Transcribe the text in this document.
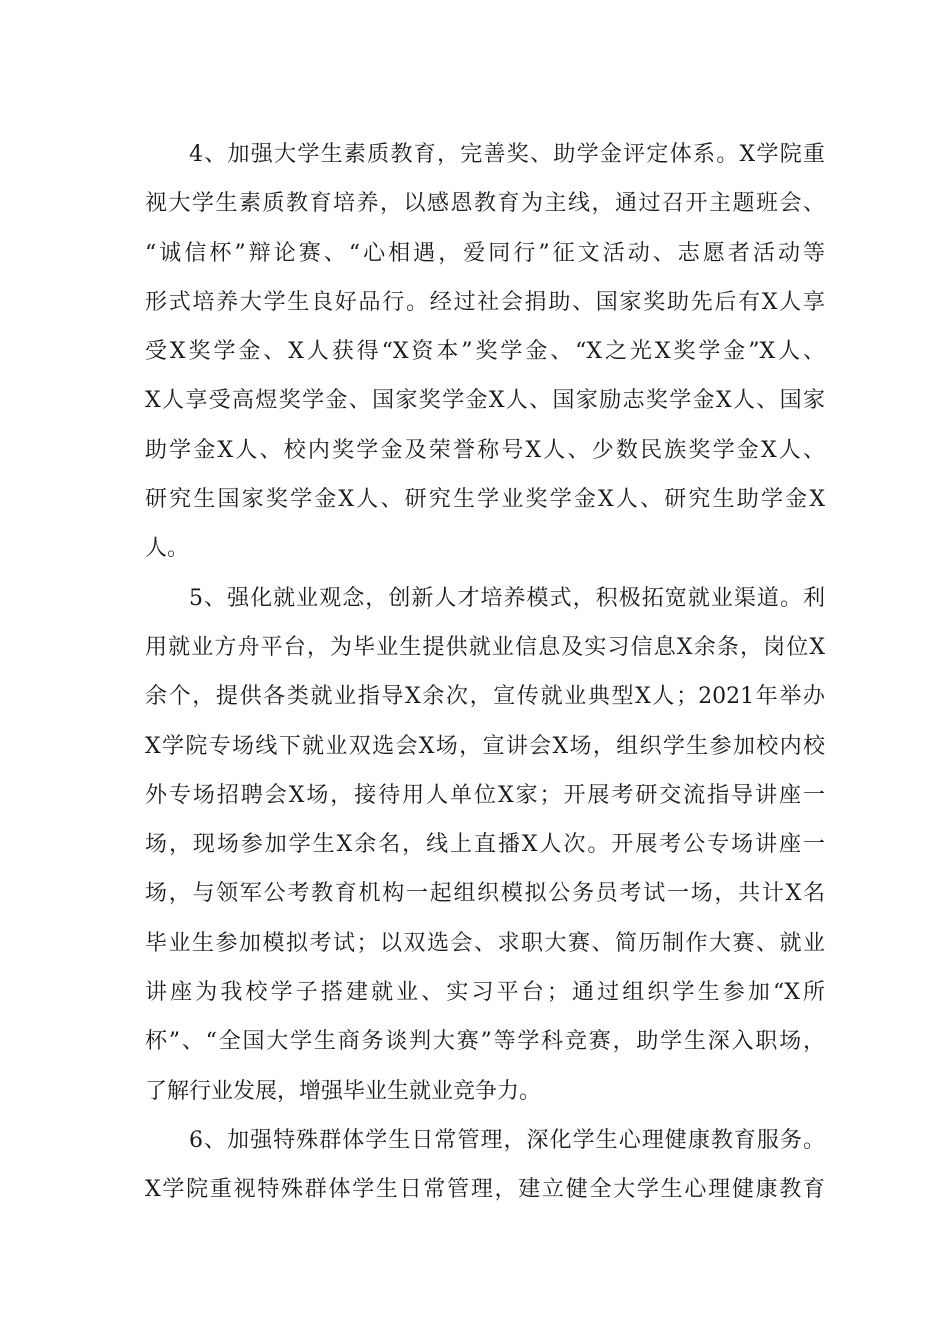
4、加强大学生素质教育，完善奖、助学金评定体系。X学院重
视大学生素质教育培养，以感恩教育为主线，通过召开主题班会、
“诚信杯”辩论赛、“心相遇，爱同行”征文活动、志愿者活动等
形式培养大学生良好品行。经过社会捐助、国家奖助先后有X人享
受X奖学金、X人获得“X资本”奖学金、“X之光X奖学金”X人、
X人享受高煜奖学金、国家奖学金X人、国家励志奖学金X人、国家
助学金X人、校内奖学金及荣誉称号X人、少数民族奖学金X人、
研究生国家奖学金X人、研究生学业奖学金X人、研究生助学金X
人。
5、强化就业观念，创新人才培养模式，积极拓宽就业渠道。利
用就业方舟平台，为毕业生提供就业信息及实习信息X余条，岗位X
余个，提供各类就业指导X余次，宣传就业典型X人；2021年举办
X学院专场线下就业双选会X场，宣讲会X场，组织学生参加校内校
外专场招聘会X场，接待用人单位X家；开展考研交流指导讲座一
场，现场参加学生X余名，线上直播X人次。开展考公专场讲座一
场，与领军公考教育机构一起组织模拟公务员考试一场，共计X名
毕业生参加模拟考试；以双选会、求职大赛、简历制作大赛、就业
讲座为我校学子搭建就业、实习平台；通过组织学生参加“X所
杯”、“全国大学生商务谈判大赛”等学科竞赛，助学生深入职场，
了解行业发展，增强毕业生就业竞争力。
6、加强特殊群体学生日常管理，深化学生心理健康教育服务。
X学院重视特殊群体学生日常管理，建立健全大学生心理健康教育
